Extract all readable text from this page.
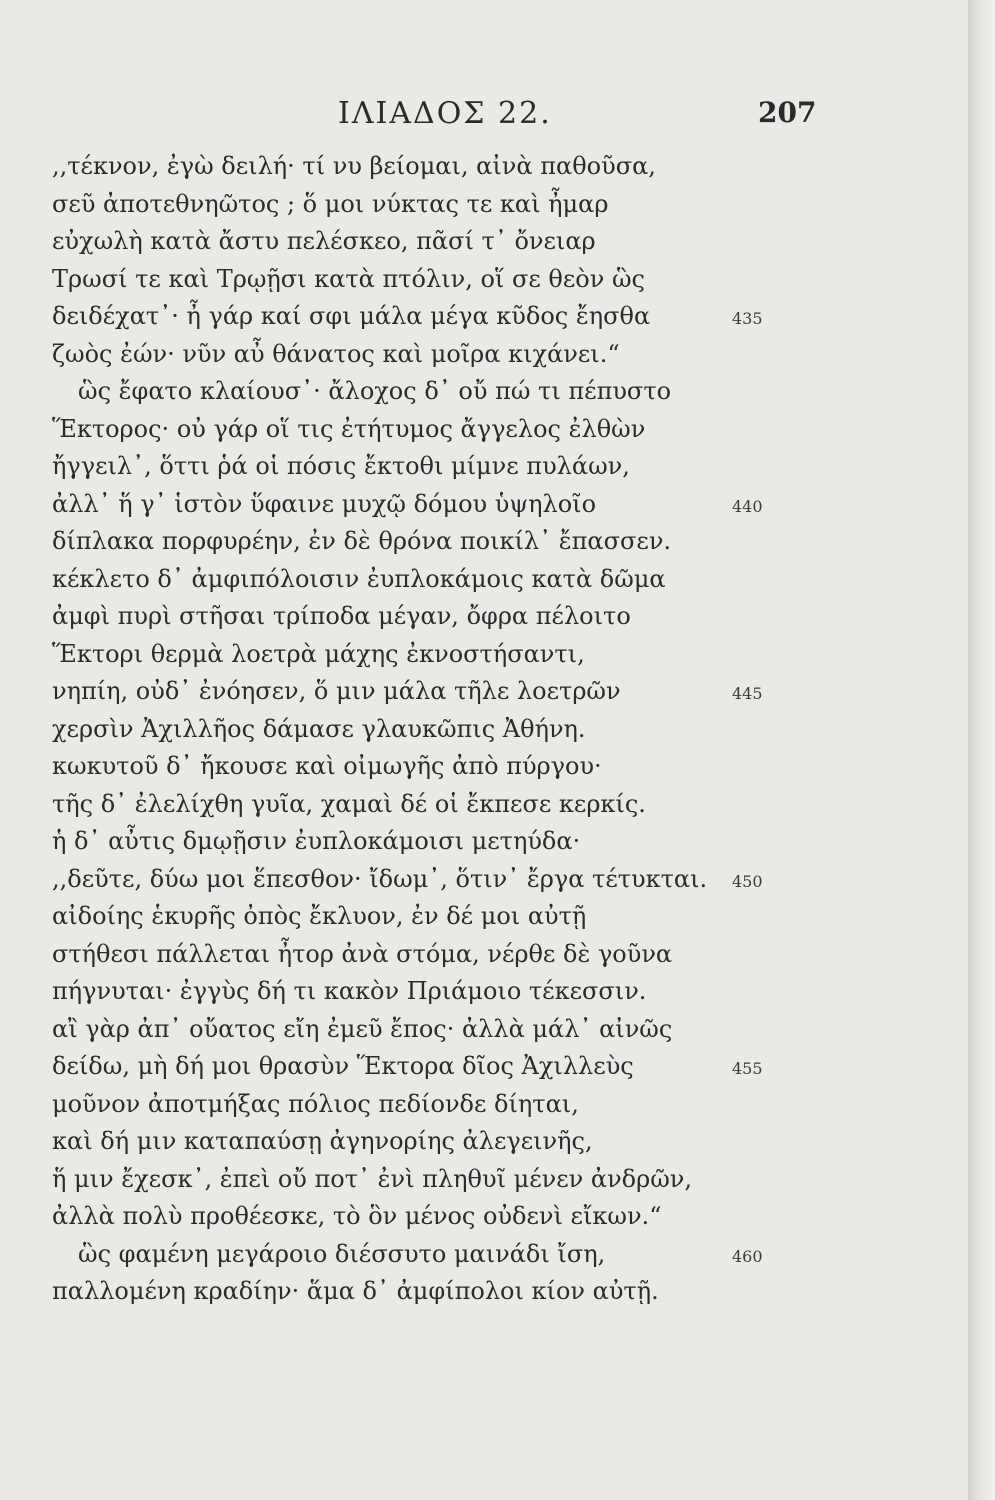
ΙΛΙΑΔΟΣ 22.	207
,,τέκνον, ἐγὼ δειλή· τί νυ βείομαι, αἰνὰ παθοῦσα,
σεῦ ἀποτεθνηῶτος ; ὅ μοι νύκτας τε καὶ ἦμαρ
εὐχωλὴ κατὰ ἄστυ πελέσκεο, πᾶσί τ᾽ ὄνειαρ
Τρωσί τε καὶ Τρῳῇσι κατὰ πτόλιν, οἵ σε θεὸν ὣς
δειδέχατ᾽· ἦ γάρ καί σφι μάλα μέγα κῦδος ἔησθα	435
ζωὸς ἐών· νῦν αὖ θάνατος καὶ μοῖρα κιχάνει.“
ὣς ἔφατο κλαίουσ᾽· ἄλοχος δ᾽ οὔ πώ τι πέπυστο
Ἕκτορος· οὐ γάρ οἵ τις ἐτήτυμος ἄγγελος ἐλθὼν
ἤγγειλ᾽, ὅττι ῥά οἱ πόσις ἔκτοθι μίμνε πυλάων,
ἀλλ᾽ ἥ γ᾽ ἱστὸν ὕφαινε μυχῷ δόμου ὑψηλοῖο	440
δίπλακα πορφυρέην, ἐν δὲ θρόνα ποικίλ᾽ ἔπασσεν.
κέκλετο δ᾽ ἀμφιπόλοισιν ἐυπλοκάμοις κατὰ δῶμα
ἀμφὶ πυρὶ στῆσαι τρίποδα μέγαν, ὄφρα πέλοιτο
Ἕκτορι θερμὰ λοετρὰ μάχης ἐκνοστήσαντι,
νηπίη, οὐδ᾽ ἐνόησεν, ὅ μιν μάλα τῆλε λοετρῶν	445
χερσὶν Ἀχιλλῆος δάμασε γλαυκῶπις Ἀθήνη.
κωκυτοῦ δ᾽ ἤκουσε καὶ οἰμωγῆς ἀπὸ πύργου·
τῆς δ᾽ ἐλελίχθη γυῖα, χαμαὶ δέ οἱ ἔκπεσε κερκίς.
ἡ δ᾽ αὖτις δμῳῇσιν ἐυπλοκάμοισι μετηύδα·
,,δεῦτε, δύω μοι ἕπεσθον· ἴδωμ᾽, ὅτιν᾽ ἔργα τέτυκται. 450
αἰδοίης ἑκυρῆς ὀπὸς ἔκλυον, ἐν δέ μοι αὐτῇ
στήθεσι πάλλεται ἦτορ ἀνὰ στόμα, νέρθε δὲ γοῦνα
πήγνυται· ἐγγὺς δή τι κακὸν Πριάμοιο τέκεσσιν.
αἲ γὰρ ἀπ᾽ οὔατος εἴη ἐμεῦ ἔπος· ἀλλὰ μάλ᾽ αἰνῶς
δείδω, μὴ δή μοι θρασὺν Ἕκτορα δῖος Ἀχιλλεὺς	455
μοῦνον ἀποτμήξας πόλιος πεδίονδε δίηται,
καὶ δή μιν καταπαύσῃ ἀγηνορίης ἀλεγεινῆς,
ἥ μιν ἔχεσκ᾽, ἐπεὶ οὔ ποτ᾽ ἐνὶ πληθυῖ μένεν ἀνδρῶν,
ἀλλὰ πολὺ προθέεσκε, τὸ ὃν μένος οὐδενὶ εἴκων.“
ὣς φαμένη μεγάροιο διέσσυτο μαινάδι ἴση,	460
παλλομένη κραδίην· ἅμα δ᾽ ἀμφίπολοι κίον αὐτῇ.
